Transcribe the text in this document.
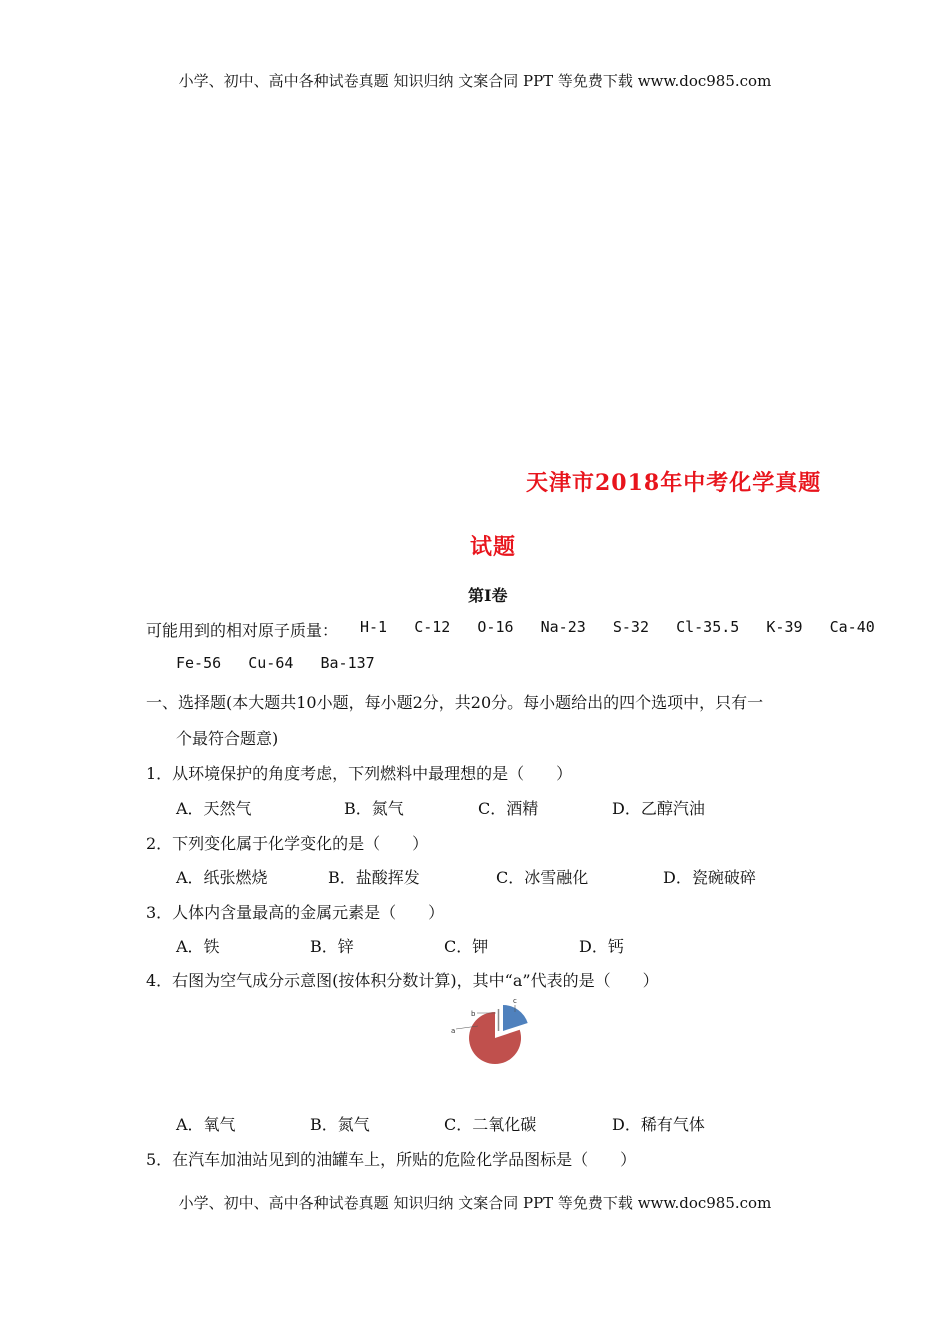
小学、初中、高中各种试卷真题 知识归纳 文案合同 PPT 等免费下载 www.doc985.com
天津市2018年中考化学真题
试题
第Ⅰ卷
可能用到的相对原子质量： H-1 C-12 O-16 Na-23 S-32 Cl-35.5 K-39 Ca-40
Fe-56 Cu-64 Ba-137
一、选择题(本大题共10小题，每小题2分，共20分。每小题给出的四个选项中，只有一
个最符合题意)
1．从环境保护的角度考虑，下列燃料中最理想的是（　　）
A．天然气	B．氮气	C．酒精	D．乙醇汽油
2．下列变化属于化学变化的是（　　）
A．纸张燃烧	B．盐酸挥发	C．冰雪融化	D．瓷碗破碎
3．人体内含量最高的金属元素是（　　）
A．铁	B．锌	C．钾	D．钙
4．右图为空气成分示意图(按体积分数计算)，其中“a”代表的是（　　）
a
b
c
A．氧气	B．氮气	C．二氧化碳	D．稀有气体
5．在汽车加油站见到的油罐车上，所贴的危险化学品图标是（　　）
小学、初中、高中各种试卷真题 知识归纳 文案合同 PPT 等免费下载 www.doc985.com
